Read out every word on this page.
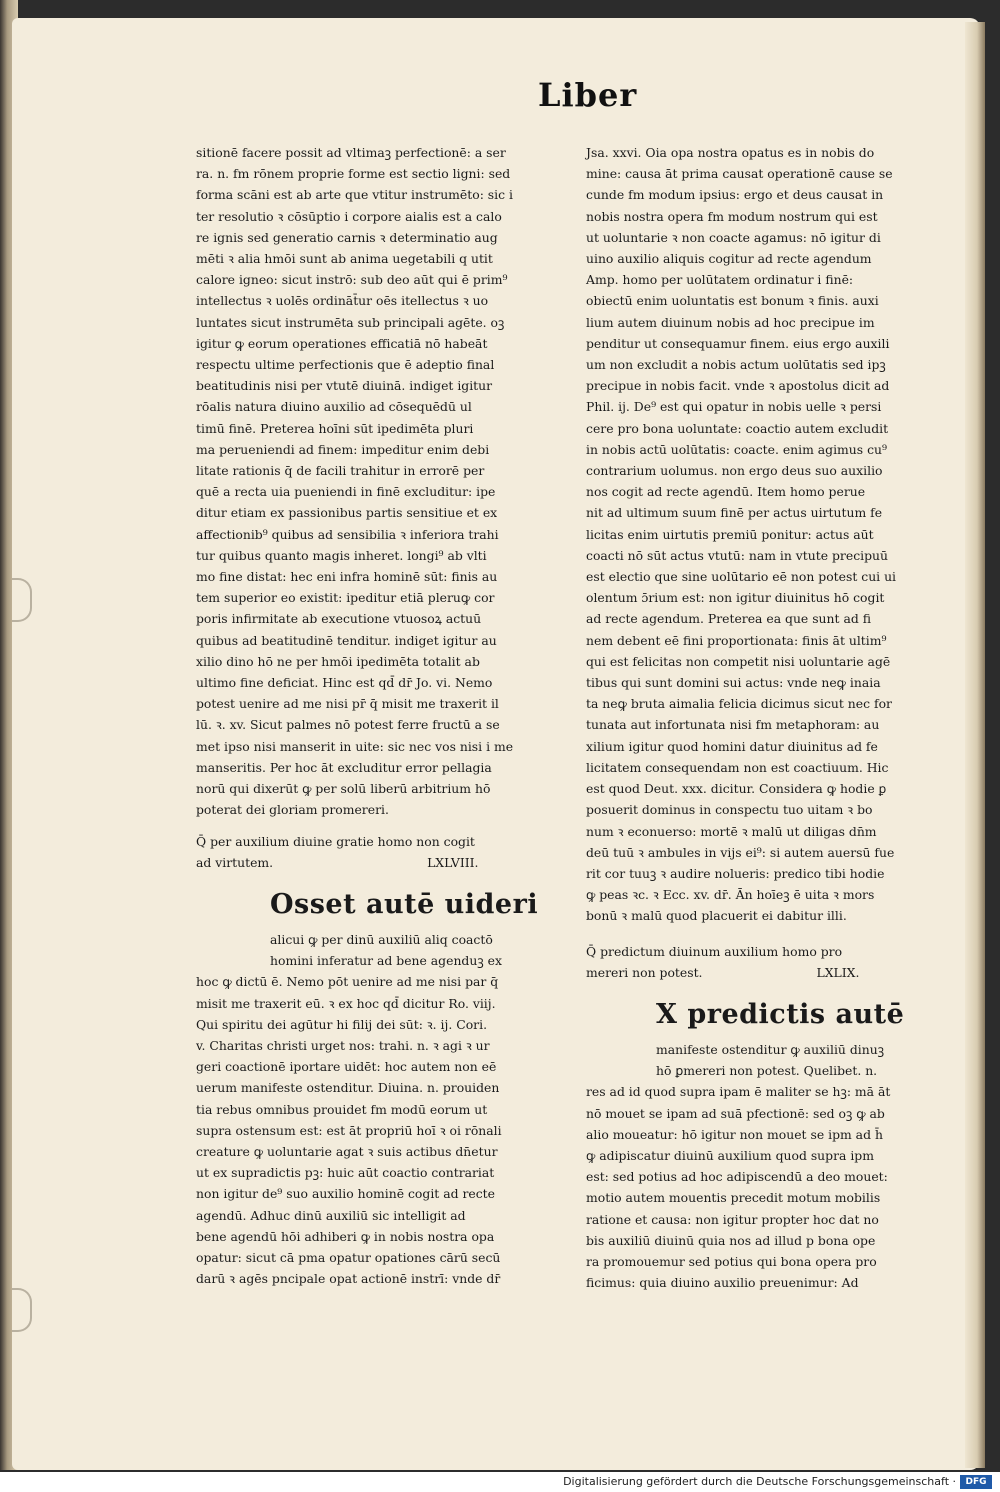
Liber

sitionē facere possit ad vltimaꝫ perfectionē: a ser

ra. n. fm rōnem proprie forme est sectio ligni: sed

forma scāni est ab arte que vtitur instrumēto: sic i

ter resolutio ꝛ cōsūptio i corpore aialis est a calo

re ignis sed generatio carnis ꝛ determinatio aug

mēti ꝛ alia hmōi sunt ab anima uegetabili q utit

calore igneo: sicut instrō: sub deo aūt qui ē prim⁹

intellectus ꝛ uolēs ordināt̄ur oēs itellectus ꝛ uo

luntates sicut instrumēta sub principali agēte. oꝫ

igitur ꝙ eorum operationes efficatiā nō habeāt

respectu ultime perfectionis que ē adeptio final

beatitudinis nisi per vtutē diuinā. indiget igitur

rōalis natura diuino auxilio ad cōsequēdū ul

timū finē. Preterea hoīni sūt ipedimēta pluri

ma perueniendi ad finem: impeditur enim debi

litate rationis q̄ de facili trahitur in errorē per

quē a recta uia pueniendi in finē excluditur: ipe

ditur etiam ex passionibus partis sensitiue et ex

affectionib⁹ quibus ad sensibilia ꝛ inferiora trahi

tur quibus quanto magis inheret. longi⁹ ab vlti

mo fine distat: hec eni infra hominē sūt: finis au

tem superior eo existit: ipeditur etiā pleruꝙ cor

poris infirmitate ab executione vtuosoꝝ actuū

quibus ad beatitudinē tenditur. indiget igitur au

xilio dino hō ne per hmōi ipedimēta totalit ab

ultimo fine deficiat. Hinc est qd̄ dr̄ Jo. vi. Nemo

potest uenire ad me nisi pr̄ q̄ misit me traxerit il

lū. ꝛ. xv. Sicut palmes nō potest ferre fructū a se

met ipso nisi manserit in uite: sic nec vos nisi i me

manseritis. Per hoc āt excluditur error pellagia

norū qui dixerūt ꝙ per solū liberū arbitrium hō

poterat dei gloriam promereri.

Q̄ per auxilium diuine gratie homo non cogit
ad virtutem.	LXLVIII.

Osset autē uideri

alicui ꝙ per dinū auxiliū aliq coactō

homini inferatur ad bene agenduꝫ ex

hoc ꝙ dictū ē. Nemo pōt uenire ad me nisi par q̄

misit me traxerit eū. ꝛ ex hoc qd̄ dicitur Ro. viij.

Qui spiritu dei agūtur hi filij dei sūt: ꝛ. ij. Cori.

v. Charitas christi urget nos: trahi. n. ꝛ agi ꝛ ur

geri coactionē iportare uidēt: hoc autem non eē

uerum manifeste ostenditur. Diuina. n. prouiden

tia rebus omnibus prouidet fm modū eorum ut

supra ostensum est: est āt propriū hoī ꝛ oi rōnali

creature ꝙ uoluntarie agat ꝛ suis actibus dn̄etur

ut ex supradictis pꝫ: huic aūt coactio contrariat

non igitur de⁹ suo auxilio hominē cogit ad recte

agendū. Adhuc dinū auxiliū sic intelligit ad

bene agendū hōi adhiberi ꝙ in nobis nostra opa

opatur: sicut cā pma opatur opationes cārū secū

darū ꝛ agēs pncipale opat actionē instrī: vnde dr̄

Jsa. xxvi. Oia opa nostra opatus es in nobis do

mine: causa āt prima causat operationē cause se

cunde fm modum ipsius: ergo et deus causat in

nobis nostra opera fm modum nostrum qui est

ut uoluntarie ꝛ non coacte agamus: nō igitur di

uino auxilio aliquis cogitur ad recte agendum

Amp. homo per uolūtatem ordinatur i finē:

obiectū enim uoluntatis est bonum ꝛ finis. auxi

lium autem diuinum nobis ad hoc precipue im

penditur ut consequamur finem. eius ergo auxili

um non excludit a nobis actum uolūtatis sed ipꝫ

precipue in nobis facit. vnde ꝛ apostolus dicit ad

Phil. ij. De⁹ est qui opatur in nobis uelle ꝛ persi

cere pro bona uoluntate: coactio autem excludit

in nobis actū uolūtatis: coacte. enim agimus cu⁹

contrarium uolumus. non ergo deus suo auxilio

nos cogit ad recte agendū. Item homo perue

nit ad ultimum suum finē per actus uirtutum fe

licitas enim uirtutis premiū ponitur: actus aūt

coacti nō sūt actus vtutū: nam in vtute precipuū

est electio que sine uolūtario eē non potest cui ui

olentum ɔ̄rium est: non igitur diuinitus hō cogit

ad recte agendum. Preterea ea que sunt ad fi

nem debent eē fini proportionata: finis āt ultim⁹

qui est felicitas non competit nisi uoluntarie agē

tibus qui sunt domini sui actus: vnde neꝙ inaia

ta neꝙ bruta aimalia felicia dicimus sicut nec for

tunata aut infortunata nisi fm metaphoram: au

xilium igitur quod homini datur diuinitus ad fe

licitatem consequendam non est coactiuum. Hic

est quod Deut. xxx. dicitur. Considera ꝙ hodie ꝑ

posuerit dominus in conspectu tuo uitam ꝛ bo

num ꝛ econuerso: mortē ꝛ malū ut diligas dn̄m

deū tuū ꝛ ambules in vijs ei⁹: si autem auersū fue

rit cor tuuꝫ ꝛ audire nolueris: predico tibi hodie

ꝙ peas ꝛc. ꝛ Ecc. xv. dr̄. Ān hoīeꝫ ē uita ꝛ mors

bonū ꝛ malū quod placuerit ei dabitur illi.

Q̄ predictum diuinum auxilium homo pro
mereri non potest.	LXLIX.

X predictis autē

manifeste ostenditur ꝙ auxiliū dinuꝫ

hō ꝑmereri non potest. Quelibet. n.

res ad id quod supra ipam ē maliter se hꝫ: mā āt

nō mouet se ipam ad suā pfectionē: sed oꝫ ꝙ ab

alio moueatur: hō igitur non mouet se ipm ad h̄

ꝙ adipiscatur diuinū auxilium quod supra ipm

est: sed potius ad hoc adipiscendū a deo mouet:

motio autem mouentis precedit motum mobilis

ratione et causa: non igitur propter hoc dat no

bis auxiliū diuinū quia nos ad illud p bona ope

ra promouemur sed potius qui bona opera pro

ficimus: quia diuino auxilio preuenimur: Ad

Digitalisierung gefördert durch die Deutsche Forschungsgemeinschaft ·	DFG
